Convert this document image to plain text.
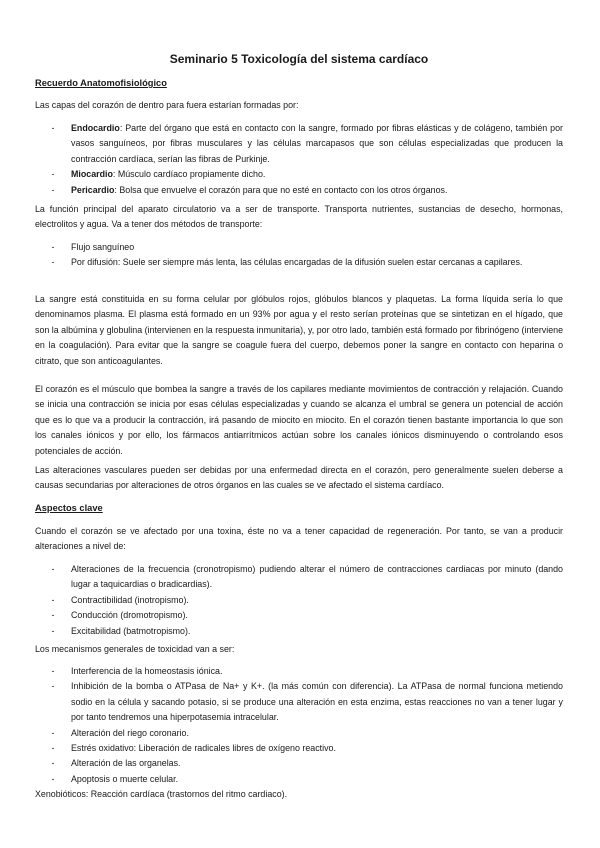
Seminario 5 Toxicología del sistema cardíaco
Recuerdo Anatomofisiológico
Las capas del corazón de dentro para fuera estarían formadas por:
-	Endocardio: Parte del órgano que está en contacto con la sangre, formado por fibras elásticas y de colágeno, también por vasos sanguíneos, por fibras musculares y las células marcapasos que son células especializadas que producen la contracción cardíaca, serían las fibras de Purkinje.
-	Miocardio: Músculo cardíaco propiamente dicho.
-	Pericardio: Bolsa que envuelve el corazón para que no esté en contacto con los otros órganos.
La función principal del aparato circulatorio va a ser de transporte. Transporta nutrientes, sustancias de desecho, hormonas, electrolitos y agua. Va a tener dos métodos de transporte:
-	Flujo sanguíneo
-	Por difusión: Suele ser siempre más lenta, las células encargadas de la difusión suelen estar cercanas a capilares.
La sangre está constituida en su forma celular por glóbulos rojos, glóbulos blancos y plaquetas. La forma líquida sería lo que denominamos plasma. El plasma está formado en un 93% por agua y el resto serían proteínas que se sintetizan en el hígado, que son la albúmina y globulina (intervienen en la respuesta inmunitaria), y, por otro lado, también está formado por fibrinógeno (interviene en la coagulación). Para evitar que la sangre se coagule fuera del cuerpo, debemos poner la sangre en contacto con heparina o citrato, que son anticoagulantes.
El corazón es el músculo que bombea la sangre a través de los capilares mediante movimientos de contracción y relajación. Cuando se inicia una contracción se inicia por esas células especializadas y cuando se alcanza el umbral se genera un potencial de acción que es lo que va a producir la contracción, irá pasando de miocito en miocito. En el corazón tienen bastante importancia lo que son los canales iónicos y por ello, los fármacos antiarrítmicos actúan sobre los canales iónicos disminuyendo o controlando esos potenciales de acción.
Las alteraciones vasculares pueden ser debidas por una enfermedad directa en el corazón, pero generalmente suelen deberse a causas secundarias por alteraciones de otros órganos en las cuales se ve afectado el sistema cardíaco.
Aspectos clave
Cuando el corazón se ve afectado por una toxina, éste no va a tener capacidad de regeneración. Por tanto, se van a producir alteraciones a nivel de:
-	Alteraciones de la frecuencia (cronotropismo) pudiendo alterar el número de contracciones cardiacas por minuto (dando lugar a taquicardias o bradicardias).
-	Contractibilidad (inotropismo).
-	Conducción (dromotropismo).
-	Excitabilidad (batmotropismo).
Los mecanismos generales de toxicidad van a ser:
-	Interferencia de la homeostasis iónica.
-	Inhibición de la bomba o ATPasa de Na+ y K+. (la más común con diferencia). La ATPasa de normal funciona metiendo sodio en la célula y sacando potasio, si se produce una alteración en esta enzima, estas reacciones no van a tener lugar y por tanto tendremos una hiperpotasemia intracelular.
-	Alteración del riego coronario.
-	Estrés oxidativo: Liberación de radicales libres de oxígeno reactivo.
-	Alteración de las organelas.
-	Apoptosis o muerte celular.
Xenobióticos: Reacción cardíaca (trastornos del ritmo cardiaco).
